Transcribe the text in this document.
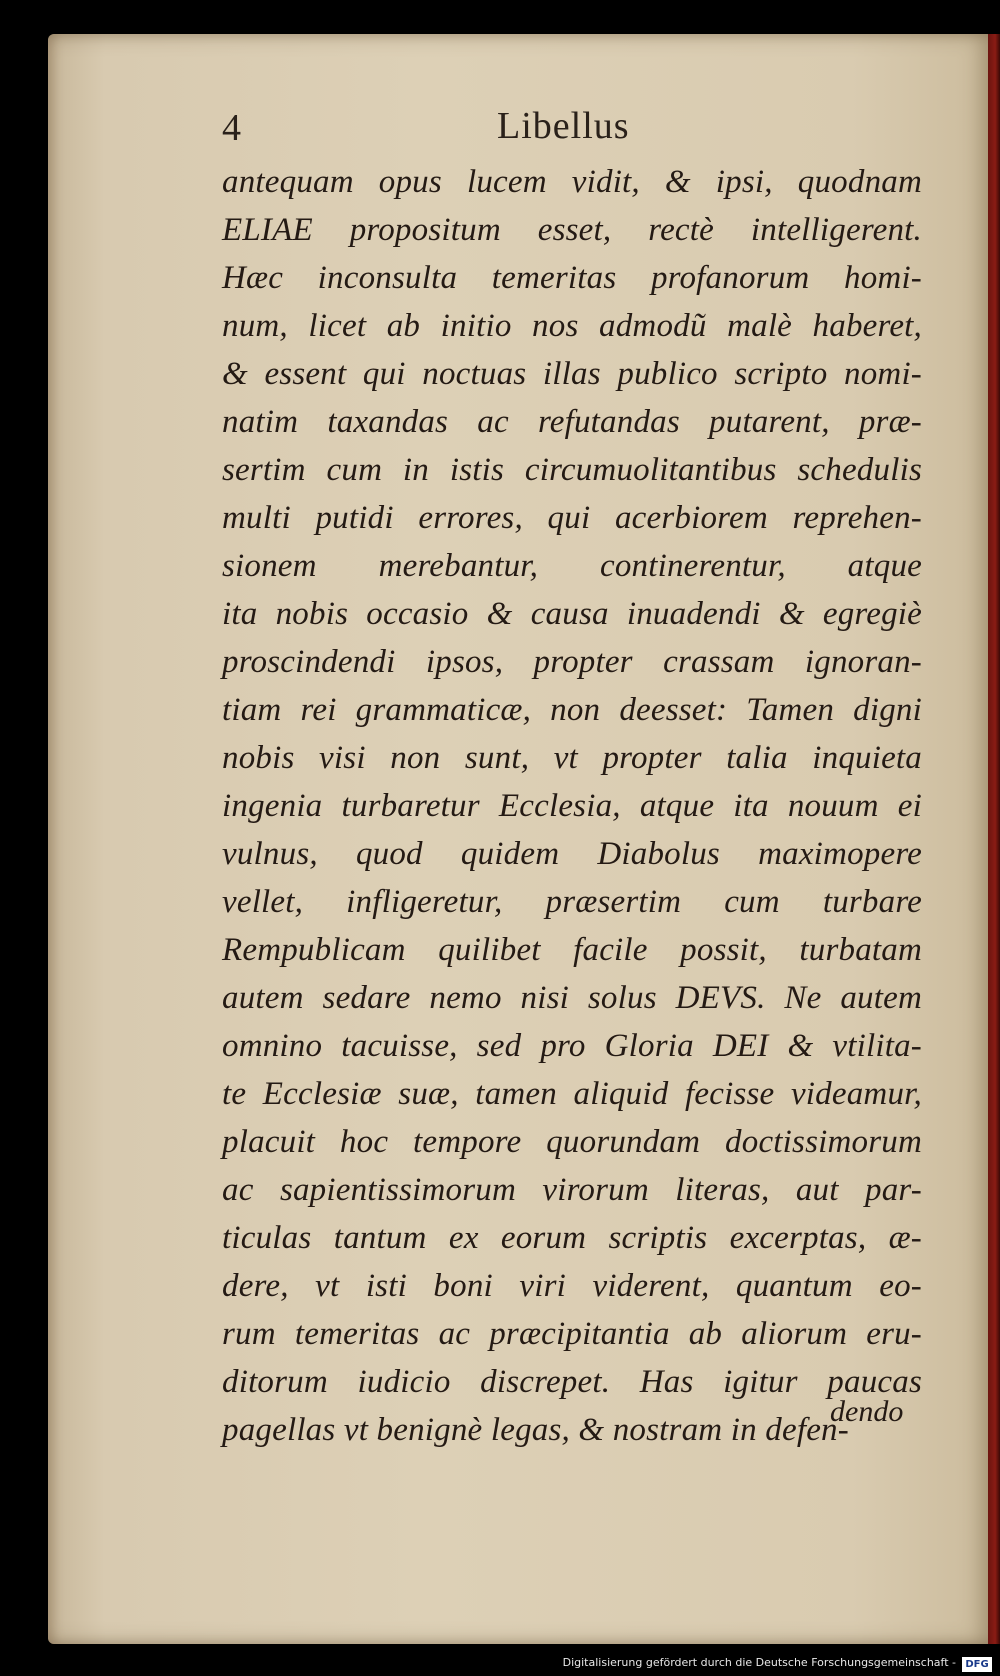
4	Libellus
antequam opus lucem vidit, & ipsi, quodnam
ELIAE propositum esset, rectè intelligerent.
Hæc inconsulta temeritas profanorum homi-
num, licet ab initio nos admodũ malè haberet,
& essent qui noctuas illas publico scripto nomi-
natim taxandas ac refutandas putarent, præ-
sertim cum in istis circumuolitantibus schedulis
multi putidi errores, qui acerbiorem reprehen-
sionem merebantur, continerentur, atque
ita nobis occasio & causa inuadendi & egregiè
proscindendi ipsos, propter crassam ignoran-
tiam rei grammaticæ, non deesset: Tamen digni
nobis visi non sunt, vt propter talia inquieta
ingenia turbaretur Ecclesia, atque ita nouum ei
vulnus, quod quidem Diabolus maximopere
vellet, infligeretur, præsertim cum turbare
Rempublicam quilibet facile possit, turbatam
autem sedare nemo nisi solus DEVS. Ne autem
omnino tacuisse, sed pro Gloria DEI & vtilita-
te Ecclesiæ suæ, tamen aliquid fecisse videamur,
placuit hoc tempore quorundam doctissimorum
ac sapientissimorum virorum literas, aut par-
ticulas tantum ex eorum scriptis excerptas, æ-
dere, vt isti boni viri viderent, quantum eo-
rum temeritas ac præcipitantia ab aliorum eru-
ditorum iudicio discrepet. Has igitur paucas
pagellas vt benignè legas, & nostram in defen-
dendo
Digitalisierung gefördert durch die Deutsche Forschungsgemeinschaft - DFG
